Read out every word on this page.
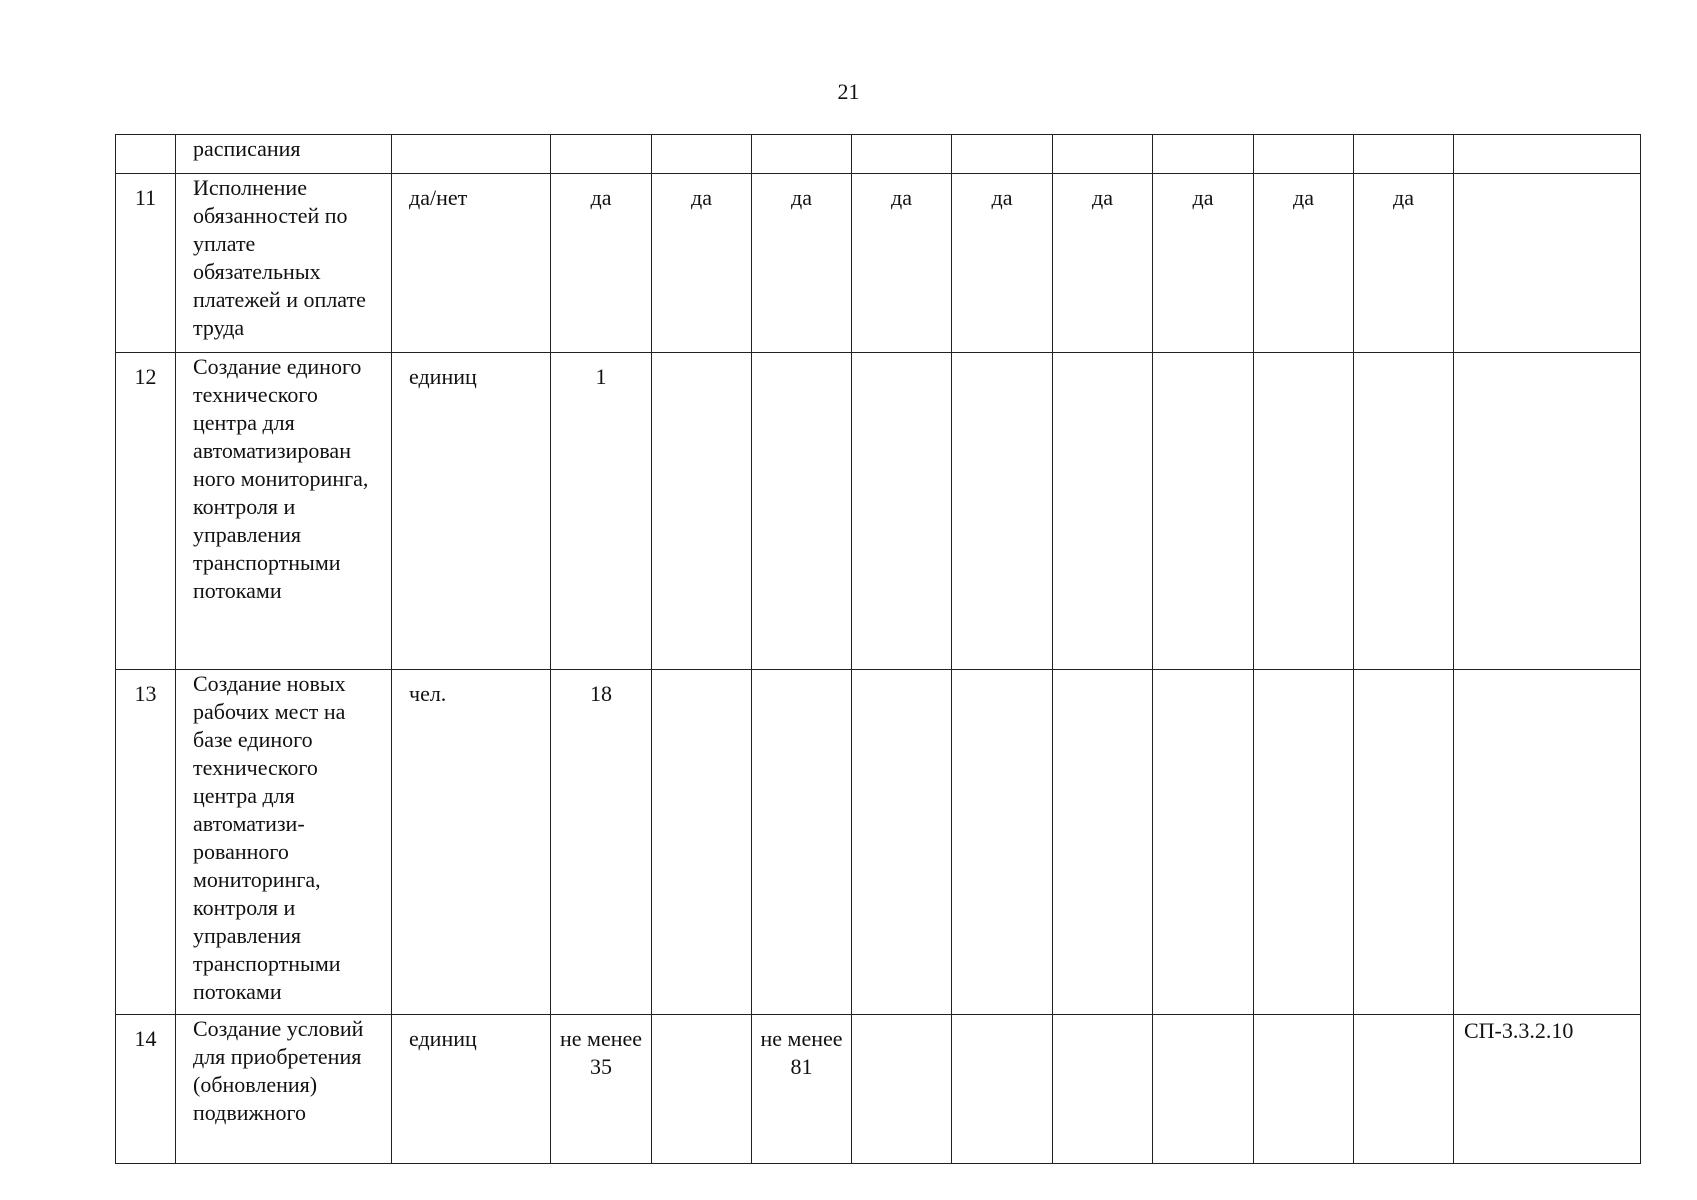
21
	расписания											
11	Исполнение обязанностей по уплате обязательных платежей и оплате труда	да/нет	да	да	да	да	да	да	да	да	да	
12	Создание единого технического центра для автоматизирован ного мониторинга, контроля и управления транспортными потоками	единиц	1									
13	Создание новых рабочих мест на базе единого технического центра для автоматизи-рованного мониторинга, контроля и управления транспортными потоками	чел.	18									
14	Создание условий для приобретения (обновления) подвижного	единиц	не менее 35		не менее 81							СП-3.3.2.10
